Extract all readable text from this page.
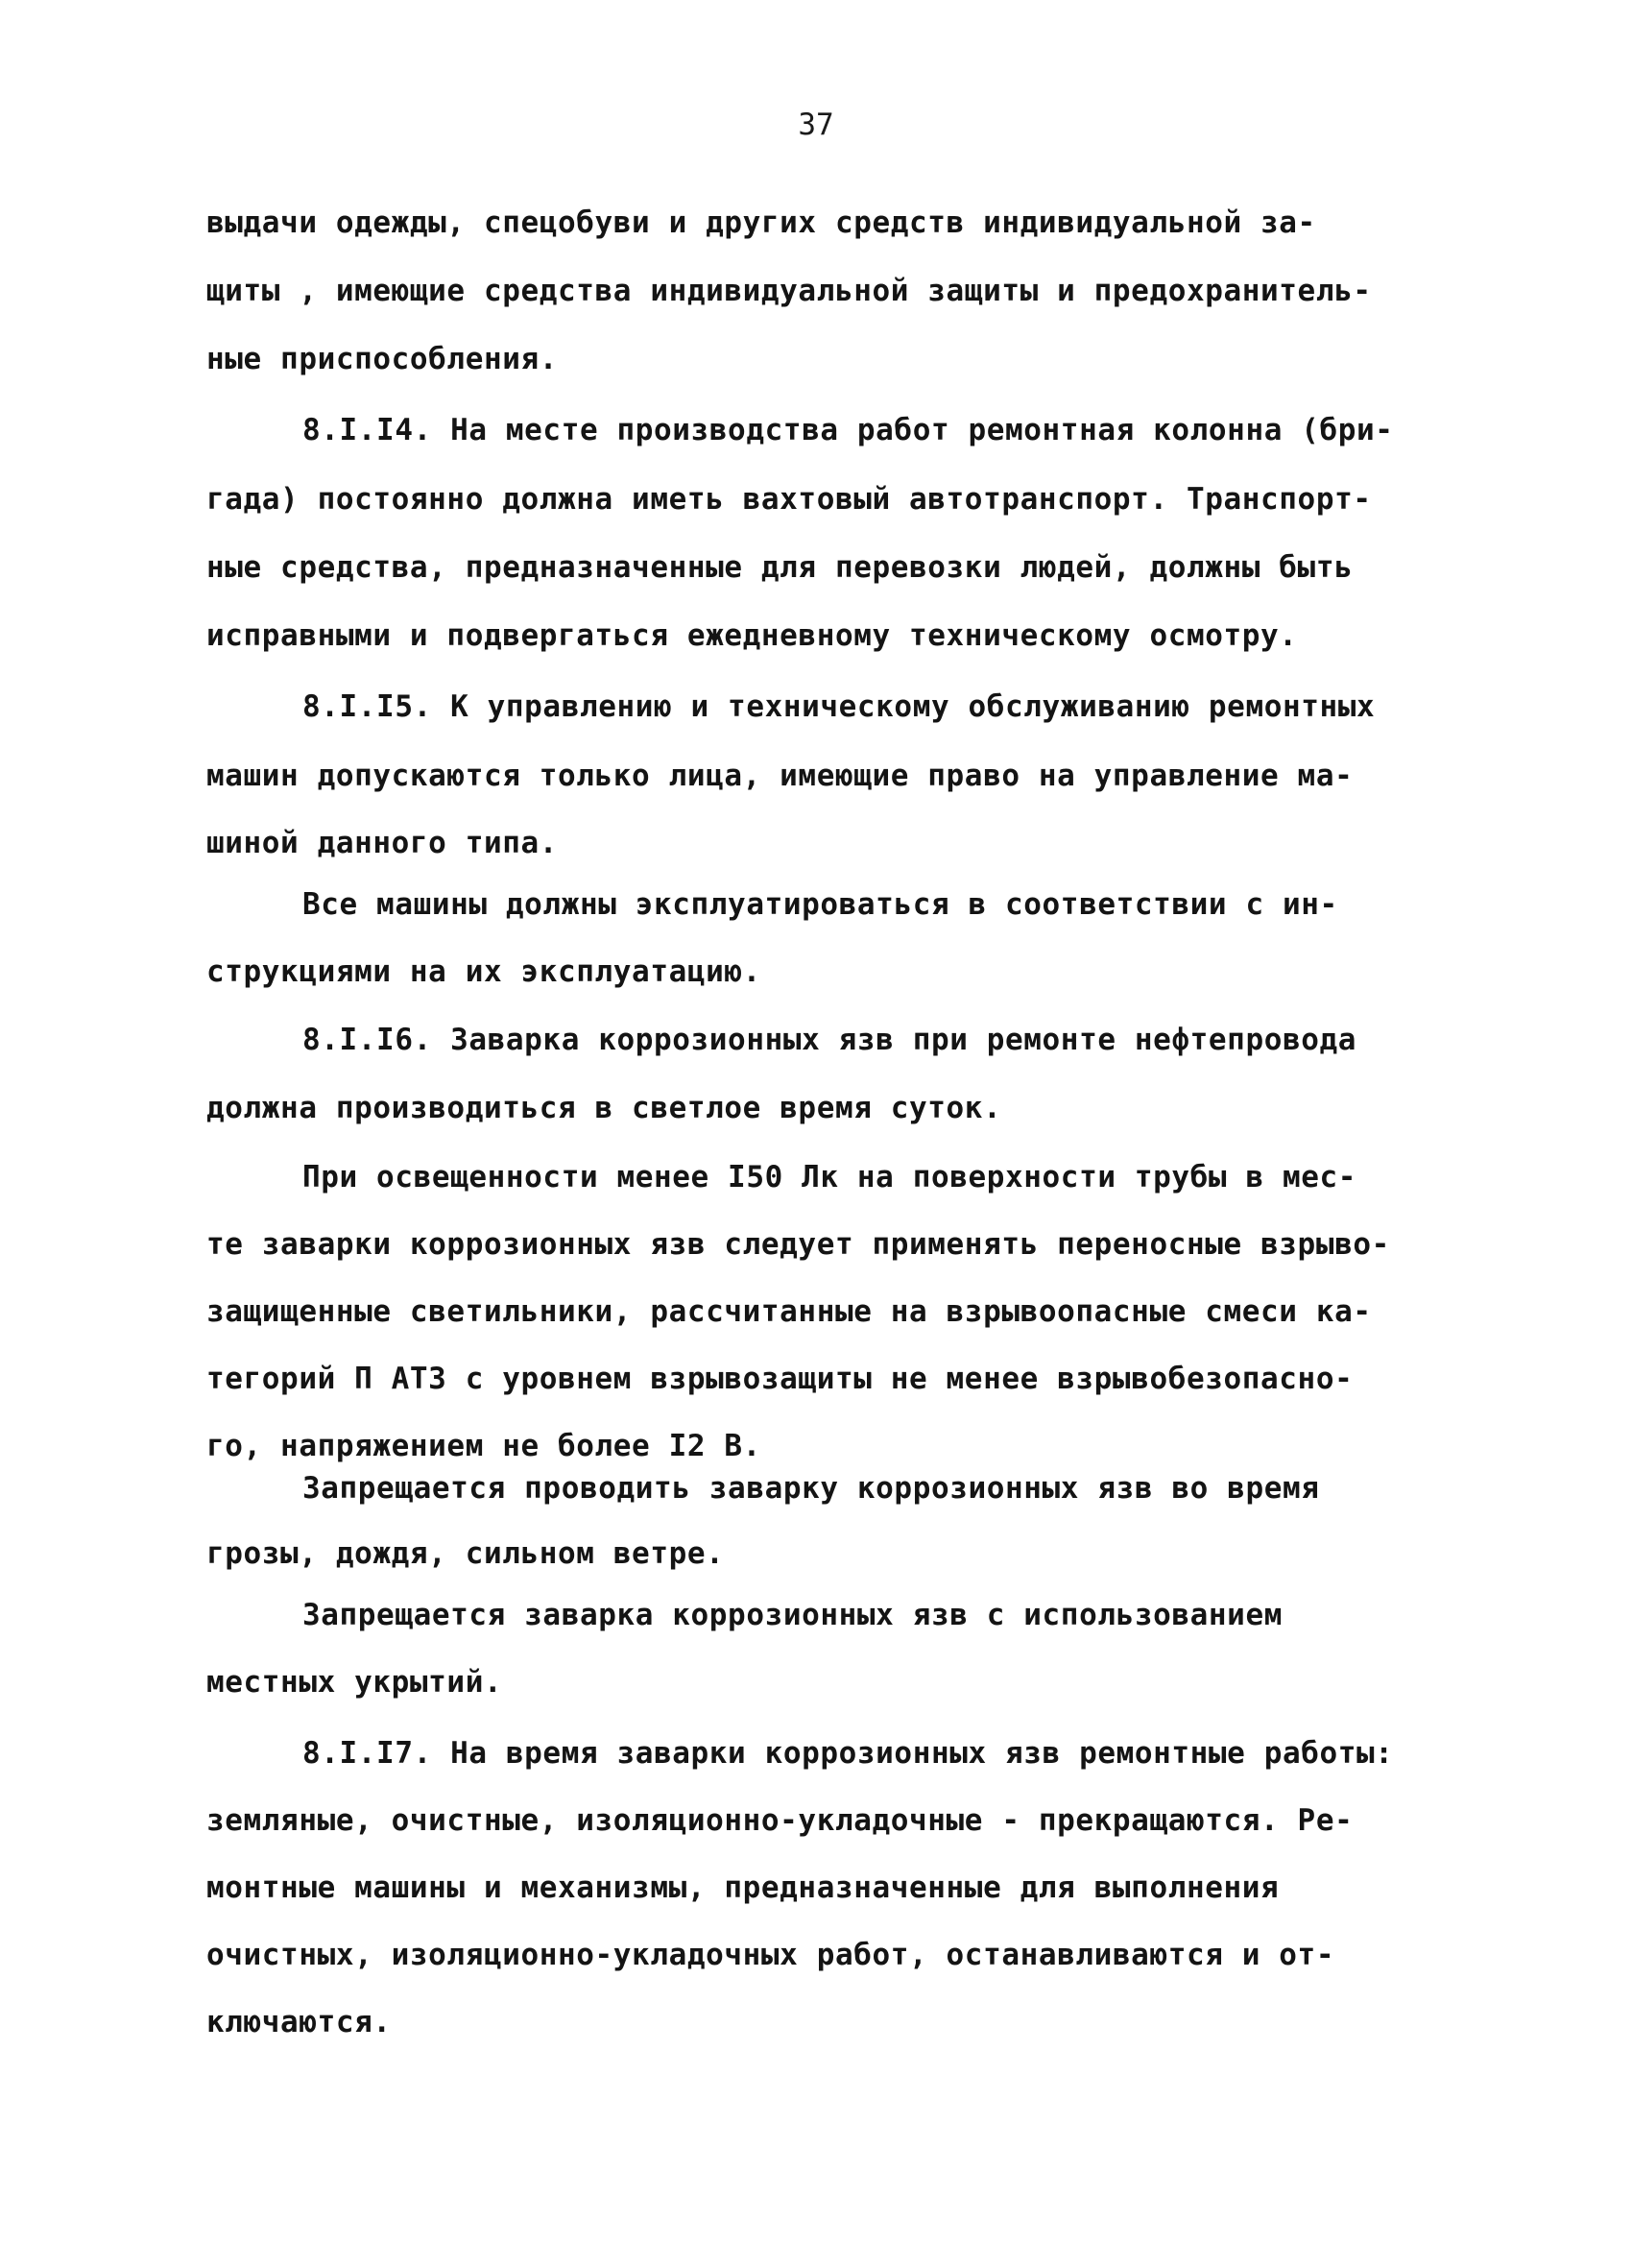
37
выдачи одежды, спецобуви и других средств индивидуальной за-
щиты , имеющие средства индивидуальной защиты и предохранитель-
ные приспособления.
8.I.I4. На месте производства работ ремонтная колонна (бри-
гада) постоянно должна иметь вахтовый автотранспорт. Транспорт-
ные средства, предназначенные для перевозки людей, должны быть
исправными и подвергаться ежедневному техническому осмотру.
8.I.I5. К управлению и техническому обслуживанию ремонтных
машин допускаются только лица, имеющие право на управление ма-
шиной данного типа.
Все машины должны эксплуатироваться в соответствии с ин-
струкциями на их эксплуатацию.
8.I.I6. Заварка коррозионных язв при ремонте нефтепровода
должна производиться в светлое время суток.
При освещенности менее I50 Лк на поверхности трубы в мес-
те заварки коррозионных язв следует применять переносные взрыво-
защищенные светильники, рассчитанные на взрывоопасные смеси ка-
тегорий П АТЗ с уровнем взрывозащиты не менее взрывобезопасно-
го, напряжением не более I2 В.
Запрещается проводить заварку коррозионных язв во время
грозы, дождя, сильном ветре.
Запрещается заварка коррозионных язв с использованием
местных укрытий.
8.I.I7. На время заварки коррозионных язв ремонтные работы:
земляные, очистные, изоляционно-укладочные - прекращаются. Ре-
монтные машины и механизмы, предназначенные для выполнения
очистных, изоляционно-укладочных работ, останавливаются и от-
ключаются.
